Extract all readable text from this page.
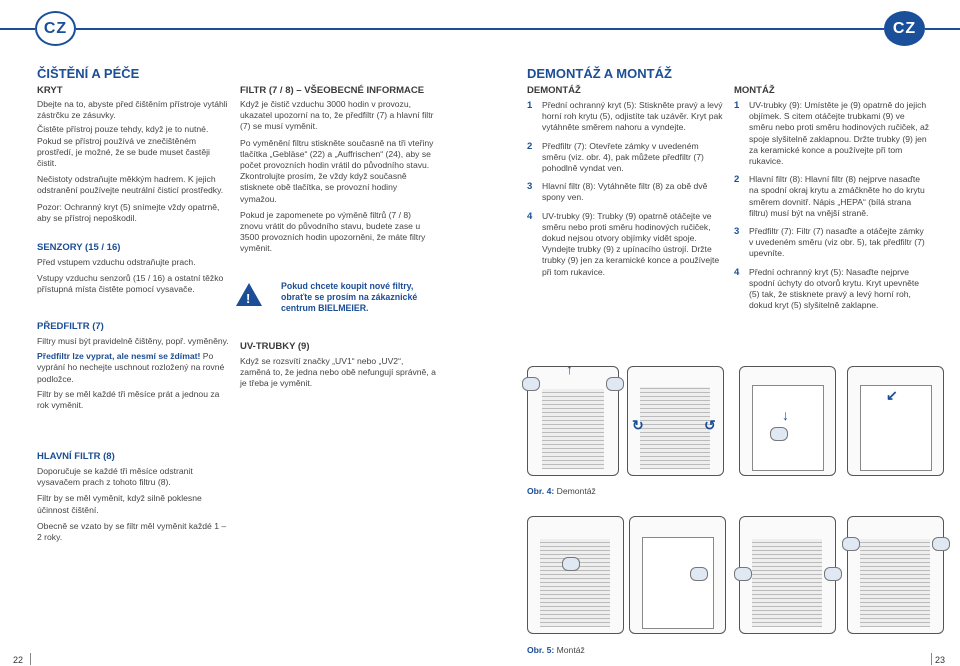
CZ	CZ
ČIŠTĚNÍ A PÉČE
KRYT
Dbejte na to, abyste před čištěním přístroje vytáhli zástrčku ze zásuvky.
Čistěte přístroj pouze tehdy, když je to nutné. Pokud se přístroj používá ve znečištěném prostředí, je možné, že se bude muset častěji čistit.
Nečistoty odstraňujte měkkým hadrem. K jejich odstranění používejte neutrální čisticí prostředky.
Pozor: Ochranný kryt (5) snímejte vždy opatrně, aby se přístroj nepoškodil.
SENZORY (15 / 16)
Před vstupem vzduchu odstraňujte prach.
Vstupy vzduchu senzorů (15 / 16) a ostatní těžko přístupná místa čistěte pomocí vysavače.
PŘEDFILTR (7)
Filtry musí být pravidelně čištěny, popř. vyměněny.
Předfiltr lze vyprat, ale nesmí se ždímat! Po vyprání ho nechejte uschnout rozložený na rovné podložce.
Filtr by se měl každé tři měsíce prát a jednou za rok vyměnit.
HLAVNÍ FILTR (8)
Doporučuje se každé tři měsíce odstranit vysavačem prach z tohoto filtru (8).
Filtr by se měl vyměnit, když silně poklesne účinnost čištění.
Obecně se vzato by se filtr měl vyměnit každé 1 – 2 roky.
FILTR (7 / 8) – VŠEOBECNÉ INFORMACE
Když je čistič vzduchu 3000 hodin v provozu, ukazatel upozorní na to, že předfiltr (7) a hlavní filtr (7) se musí vyměnit.
Po vyměnění filtru stiskněte současně na tři vteřiny tlačítka „Gebläse“ (22) a „Auffrischen“ (24), aby se počet provozních hodin vrátil do původního stavu. Zkontrolujte prosím, že vždy když současně stisknete obě tlačítka, se provozní hodiny vymažou.
Pokud je zapomenete po výměně filtrů (7 / 8) znovu vrátit do původního stavu, budete zase u 3500 provozních hodin upozorněni, že máte filtry vyměnit.
!
Pokud chcete koupit nové filtry, obraťte se prosím na zákaznické centrum BIELMEIER.
UV-TRUBKY (9)
Když se rozsvítí značky „UV1“ nebo „UV2“, zaměná to, že jedna nebo obě nefungují správně, a je třeba je vyměnit.
DEMONTÁŽ A MONTÁŽ
DEMONTÁŽ
1 Přední ochranný kryt (5): Stiskněte pravý a levý horní roh krytu (5), odjistíte tak uzávěr. Kryt pak vytáhněte směrem nahoru a vyndejte.
2 Předfiltr (7): Otevřete zámky v uvedeném směru (viz. obr. 4), pak můžete předfiltr (7) pohodlně vyndat ven.
3 Hlavní filtr (8): Vytáhněte filtr (8) za obě dvě spony ven.
4 UV-trubky (9): Trubky (9) opatrně otáčejte ve směru nebo proti směru hodinových ručiček, dokud nejsou otvory objímky vidět spoje. Vyndejte trubky (9) z upínacího ústrojí. Držte trubky (9) jen za keramické konce a používejte při tom rukavice.
MONTÁŽ
1 UV-trubky (9): Umístěte je (9) opatrně do jejich objímek. S citem otáčejte trubkami (9) ve směru nebo proti směru hodinových ručiček, až spoje slyšitelně zaklapnou. Držte trubky (9) jen za keramické konce a používejte při tom rukavice.
2 Hlavní filtr (8): Hlavní filtr (8) nejprve nasaďte na spodní okraj krytu a zmáčkněte ho do krytu směrem dovnitř. Nápis „HEPA“ (bílá strana filtru) musí být na vnější straně.
3 Předfiltr (7): Filtr (7) nasaďte a otáčejte zámky v uvedeném směru (viz obr. 5), tak předfiltr (7) upevníte.
4 Přední ochranný kryt (5): Nasaďte nejprve spodní úchyty do otvorů krytu. Kryt upevněte (5) tak, že stisknete pravý a levý horní roh, dokud kryt (5) slyšitelně zaklapne.
↑
↻	↺
↓
↙
Obr. 4: Demontáž
Obr. 5: Montáž
22	23
